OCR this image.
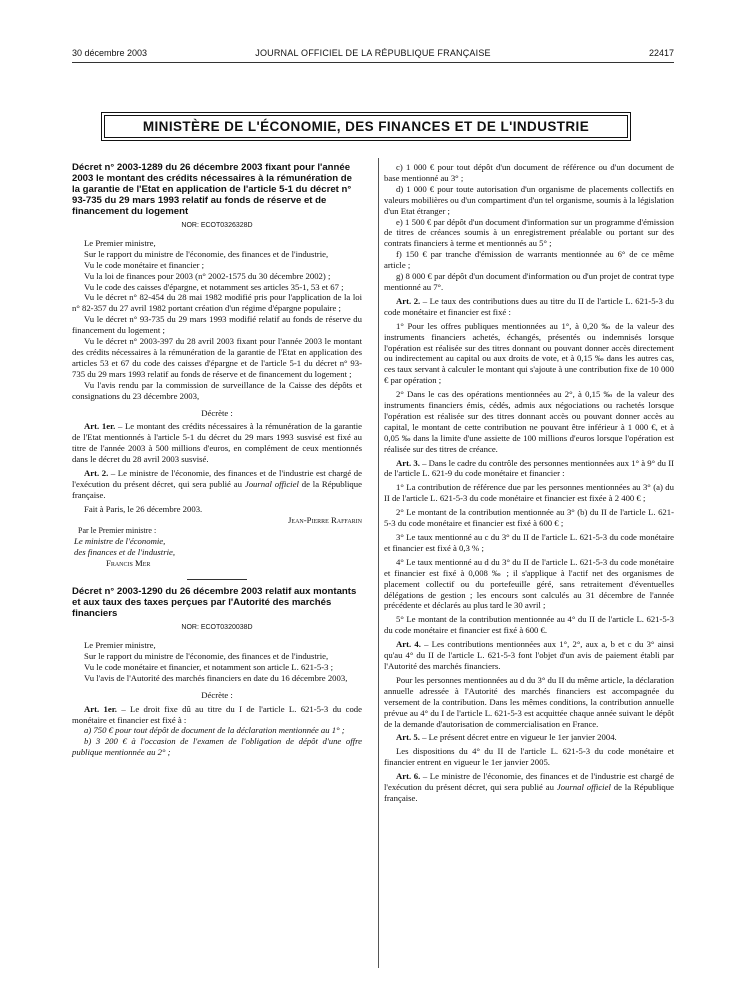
30 décembre 2003	JOURNAL OFFICIEL DE LA RÉPUBLIQUE FRANÇAISE	22417
MINISTÈRE DE L'ÉCONOMIE, DES FINANCES ET DE L'INDUSTRIE

Décret n° 2003-1289 du 26 décembre 2003 fixant pour l'année 2003 le montant des crédits nécessaires à la rémunération de la garantie de l'Etat en application de l'article 5-1 du décret n° 93-735 du 29 mars 1993 relatif au fonds de réserve et de financement du logement

NOR: ECOT0326328D

Le Premier ministre,

Sur le rapport du ministre de l'économie, des finances et de l'industrie,

Vu le code monétaire et financier ;

Vu la loi de finances pour 2003 (n° 2002-1575 du 30 décembre 2002) ;

Vu le code des caisses d'épargne, et notamment ses articles 35-1, 53 et 67 ;

Vu le décret n° 82-454 du 28 mai 1982 modifié pris pour l'application de la loi n° 82-357 du 27 avril 1982 portant création d'un régime d'épargne populaire ;

Vu le décret n° 93-735 du 29 mars 1993 modifié relatif au fonds de réserve du financement du logement ;

Vu le décret n° 2003-397 du 28 avril 2003 fixant pour l'année 2003 le montant des crédits nécessaires à la rémunération de la garantie de l'Etat en application des articles 53 et 67 du code des caisses d'épargne et de l'article 5-1 du décret n° 93-735 du 29 mars 1993 relatif au fonds de réserve et de financement du logement ;

Vu l'avis rendu par la commission de surveillance de la Caisse des dépôts et consignations du 23 décembre 2003,

Décrète :

Art. 1er. – Le montant des crédits nécessaires à la rémunération de la garantie de l'Etat mentionnés à l'article 5-1 du décret du 29 mars 1993 susvisé est fixé au titre de l'année 2003 à 500 millions d'euros, en complément de ceux mentionnés dans le décret du 28 avril 2003 susvisé.

Art. 2. – Le ministre de l'économie, des finances et de l'industrie est chargé de l'exécution du présent décret, qui sera publié au Journal officiel de la République française.

Fait à Paris, le 26 décembre 2003.

Jean-Pierre Raffarin

Par le Premier ministre :

Le ministre de l'économie,

des finances et de l'industrie,

Francis Mer

Décret n° 2003-1290 du 26 décembre 2003 relatif aux montants et aux taux des taxes perçues par l'Autorité des marchés financiers

NOR: ECOT0320038D

Le Premier ministre,

Sur le rapport du ministre de l'économie, des finances et de l'industrie,

Vu le code monétaire et financier, et notamment son article L. 621-5-3 ;

Vu l'avis de l'Autorité des marchés financiers en date du 16 décembre 2003,

Décrète :

Art. 1er. – Le droit fixe dû au titre du I de l'article L. 621-5-3 du code monétaire et financier est fixé à :

a) 750 € pour tout dépôt de document de la déclaration mentionnée au 1° ;

b) 3 200 € à l'occasion de l'examen de l'obligation de dépôt d'une offre publique mentionnée au 2° ;

c) 1 000 € pour tout dépôt d'un document de référence ou d'un document de base mentionné au 3° ;

d) 1 000 € pour toute autorisation d'un organisme de placements collectifs en valeurs mobilières ou d'un compartiment d'un tel organisme, soumis à la législation d'un Etat étranger ;

e) 1 500 € par dépôt d'un document d'information sur un programme d'émission de titres de créances soumis à un enregistrement préalable ou portant sur des contrats financiers à terme et mentionnés au 5° ;

f) 150 € par tranche d'émission de warrants mentionnée au 6° de ce même article ;

g) 8 000 € par dépôt d'un document d'information ou d'un projet de contrat type mentionné au 7°.

Art. 2. – Le taux des contributions dues au titre du II de l'article L. 621-5-3 du code monétaire et financier est fixé :

1° Pour les offres publiques mentionnées au 1°, à 0,20 ‰ de la valeur des instruments financiers achetés, échangés, présentés ou indemnisés lorsque l'opération est réalisée sur des titres donnant ou pouvant donner accès directement ou indirectement au capital ou aux droits de vote, et à 0,15 ‰ dans les autres cas, ces taux servant à calculer le montant qui s'ajoute à une contribution fixe de 10 000 € par opération ;

2° Dans le cas des opérations mentionnées au 2°, à 0,15 ‰ de la valeur des instruments financiers émis, cédés, admis aux négociations ou rachetés lorsque l'opération est réalisée sur des titres donnant accès ou pouvant donner accès au capital, le montant de cette contribution ne pouvant être inférieur à 1 000 €, et à 0,05 ‰ dans la limite d'une assiette de 100 millions d'euros lorsque l'opération est réalisée sur des titres de créance.

Art. 3. – Dans le cadre du contrôle des personnes mentionnées aux 1° à 9° du II de l'article L. 621-9 du code monétaire et financier :

1° La contribution de référence due par les personnes mentionnées au 3° (a) du II de l'article L. 621-5-3 du code monétaire et financier est fixée à 2 400 € ;

2° Le montant de la contribution mentionnée au 3° (b) du II de l'article L. 621-5-3 du code monétaire et financier est fixé à 600 € ;

3° Le taux mentionné au c du 3° du II de l'article L. 621-5-3 du code monétaire et financier est fixé à 0,3 % ;

4° Le taux mentionné au d du 3° du II de l'article L. 621-5-3 du code monétaire et financier est fixé à 0,008 ‰ ; il s'applique à l'actif net des organismes de placement collectif ou du portefeuille géré, sans retraitement d'éventuelles délégations de gestion ; les encours sont calculés au 31 décembre de l'année précédente et déclarés au plus tard le 30 avril ;

5° Le montant de la contribution mentionnée au 4° du II de l'article L. 621-5-3 du code monétaire et financier est fixé à 600 €.

Art. 4. – Les contributions mentionnées aux 1°, 2°, aux a, b et c du 3° ainsi qu'au 4° du II de l'article L. 621-5-3 font l'objet d'un avis de paiement établi par l'Autorité des marchés financiers.

Pour les personnes mentionnées au d du 3° du II du même article, la déclaration annuelle adressée à l'Autorité des marchés financiers est accompagnée du versement de la contribution. Dans les mêmes conditions, la contribution annuelle prévue au 4° du I de l'article L. 621-5-3 est acquittée chaque année suivant le dépôt de la demande d'autorisation de commercialisation en France.

Art. 5. – Le présent décret entre en vigueur le 1er janvier 2004.

Les dispositions du 4° du II de l'article L. 621-5-3 du code monétaire et financier entrent en vigueur le 1er janvier 2005.

Art. 6. – Le ministre de l'économie, des finances et de l'industrie est chargé de l'exécution du présent décret, qui sera publié au Journal officiel de la République française.
